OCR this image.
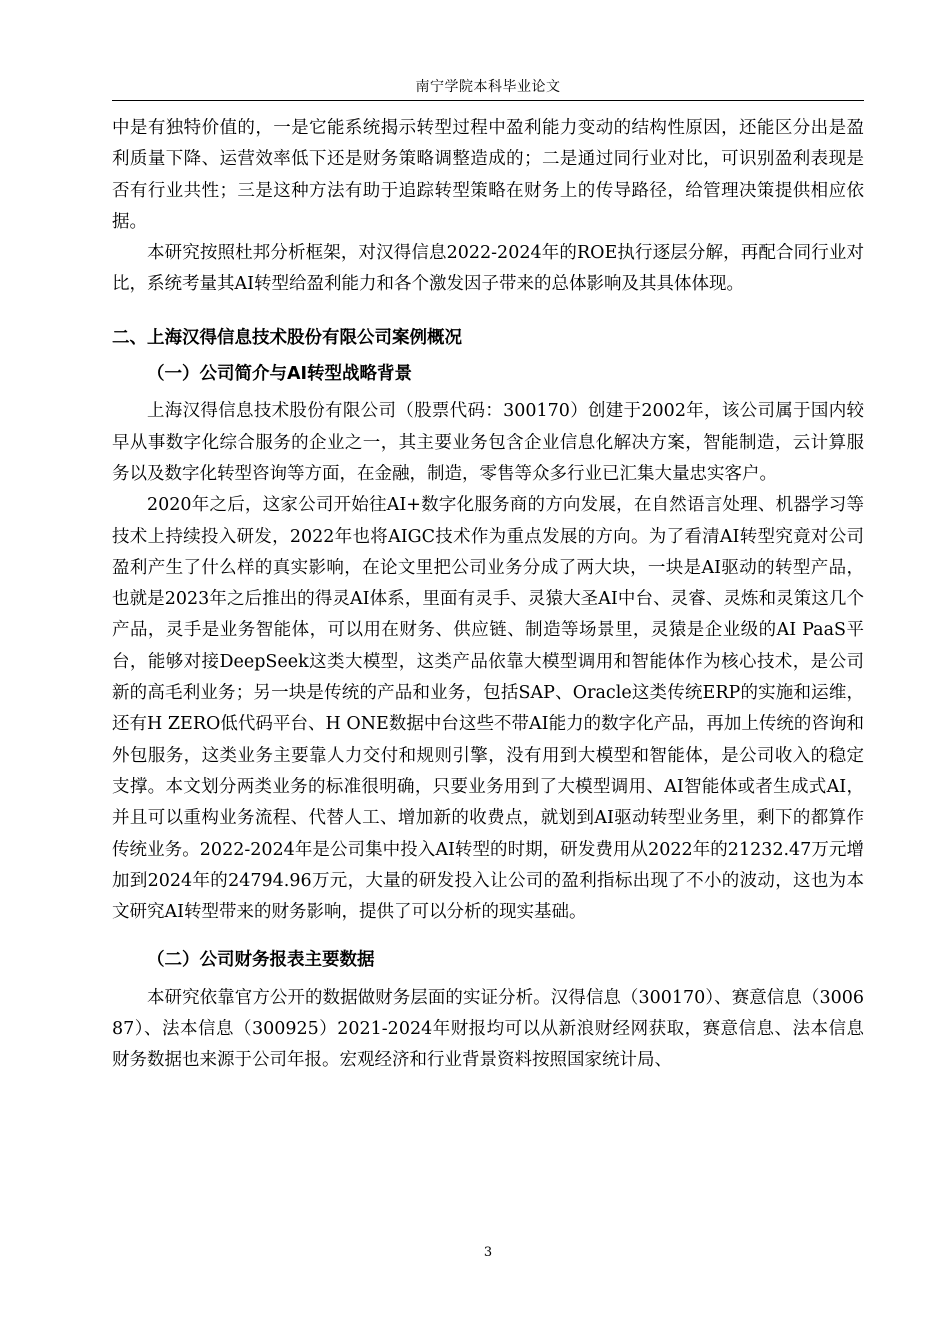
南宁学院本科毕业论文

中是有独特价值的，一是它能系统揭示转型过程中盈利能力变动的结构性原因，还能区分出是盈利质量下降、运营效率低下还是财务策略调整造成的；二是通过同行业对比，可识别盈利表现是否有行业共性；三是这种方法有助于追踪转型策略在财务上的传导路径，给管理决策提供相应依据。

本研究按照杜邦分析框架，对汉得信息2022-2024年的ROE执行逐层分解，再配合同行业对比，系统考量其AI转型给盈利能力和各个激发因子带来的总体影响及其具体体现。

二、上海汉得信息技术股份有限公司案例概况
（一）公司简介与AI转型战略背景

上海汉得信息技术股份有限公司（股票代码：300170）创建于2002年，该公司属于国内较早从事数字化综合服务的企业之一，其主要业务包含企业信息化解决方案，智能制造，云计算服务以及数字化转型咨询等方面，在金融，制造，零售等众多行业已汇集大量忠实客户。

2020年之后，这家公司开始往AI+数字化服务商的方向发展，在自然语言处理、机器学习等技术上持续投入研发，2022年也将AIGC技术作为重点发展的方向。为了看清AI转型究竟对公司盈利产生了什么样的真实影响，在论文里把公司业务分成了两大块，一块是AI驱动的转型产品，也就是2023年之后推出的得灵AI体系，里面有灵手、灵猿大圣AI中台、灵睿、灵炼和灵策这几个产品，灵手是业务智能体，可以用在财务、供应链、制造等场景里，灵猿是企业级的AI PaaS平台，能够对接DeepSeek这类大模型，这类产品依靠大模型调用和智能体作为核心技术，是公司新的高毛利业务；另一块是传统的产品和业务，包括SAP、Oracle这类传统ERP的实施和运维，还有H ZERO低代码平台、H ONE数据中台这些不带AI能力的数字化产品，再加上传统的咨询和外包服务，这类业务主要靠人力交付和规则引擎，没有用到大模型和智能体，是公司收入的稳定支撑。本文划分两类业务的标准很明确，只要业务用到了大模型调用、AI智能体或者生成式AI，并且可以重构业务流程、代替人工、增加新的收费点，就划到AI驱动转型业务里，剩下的都算作传统业务。2022-2024年是公司集中投入AI转型的时期，研发费用从2022年的21232.47万元增加到2024年的24794.96万元，大量的研发投入让公司的盈利指标出现了不小的波动，这也为本文研究AI转型带来的财务影响，提供了可以分析的现实基础。

（二）公司财务报表主要数据

本研究依靠官方公开的数据做财务层面的实证分析。汉得信息（300170）、赛意信息（300687）、法本信息（300925）2021-2024年财报均可以从新浪财经网获取，赛意信息、法本信息财务数据也来源于公司年报。宏观经济和行业背景资料按照国家统计局、

3
